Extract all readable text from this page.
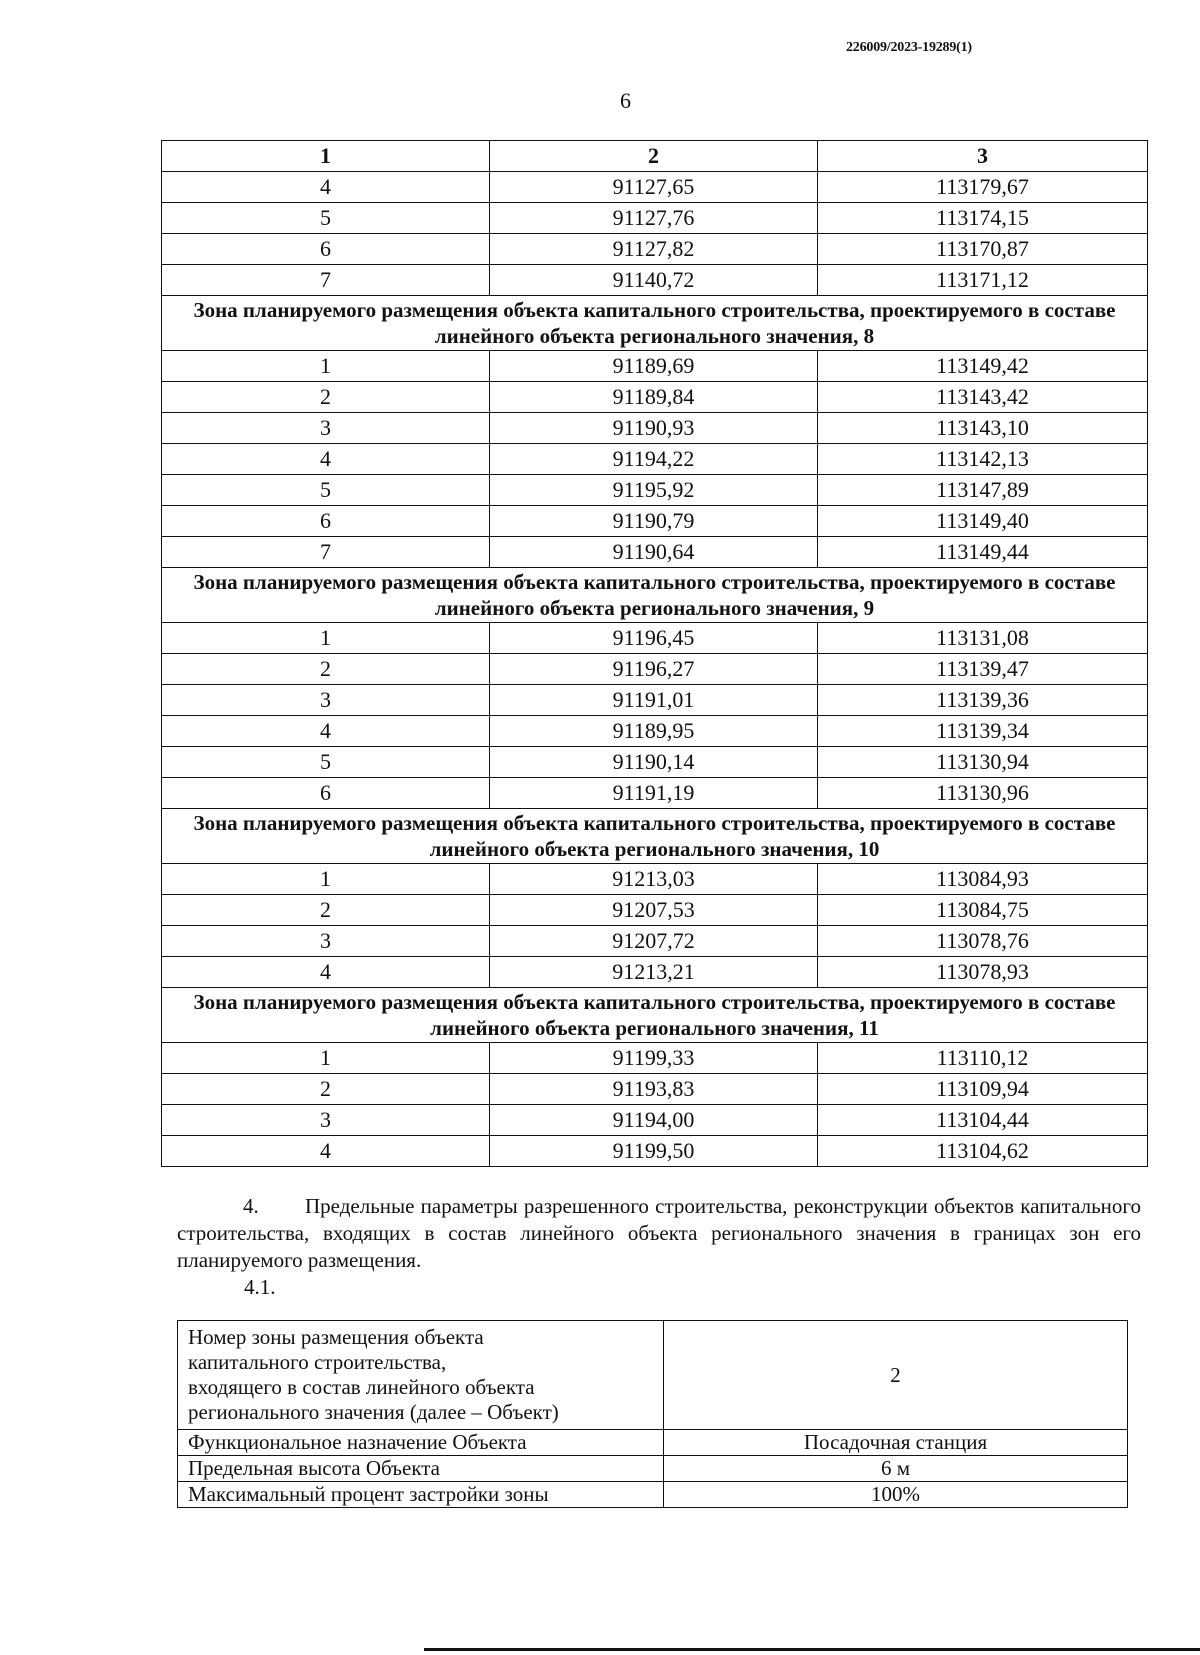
226009/2023-19289(1)
6
1	2	3
4	91127,65	113179,67
5	91127,76	113174,15
6	91127,82	113170,87
7	91140,72	113171,12
Зона планируемого размещения объекта капитального строительства, проектируемого в составе линейного объекта регионального значения, 8		
1	91189,69	113149,42
2	91189,84	113143,42
3	91190,93	113143,10
4	91194,22	113142,13
5	91195,92	113147,89
6	91190,79	113149,40
7	91190,64	113149,44
Зона планируемого размещения объекта капитального строительства, проектируемого в составе линейного объекта регионального значения, 9		
1	91196,45	113131,08
2	91196,27	113139,47
3	91191,01	113139,36
4	91189,95	113139,34
5	91190,14	113130,94
6	91191,19	113130,96
Зона планируемого размещения объекта капитального строительства, проектируемого в составе линейного объекта регионального значения, 10		
1	91213,03	113084,93
2	91207,53	113084,75
3	91207,72	113078,76
4	91213,21	113078,93
Зона планируемого размещения объекта капитального строительства, проектируемого в составе линейного объекта регионального значения, 11		
1	91199,33	113110,12
2	91193,83	113109,94
3	91194,00	113104,44
4	91199,50	113104,62
4. Предельные параметры разрешенного строительства, реконструкции объектов капитального строительства, входящих в состав линейного объекта регионального значения в границах зон его планируемого размещения.
4.1.
Номер зоны размещения объекта
капитального строительства,
входящего в состав линейного объекта
регионального значения (далее – Объект)	2
Функциональное назначение Объекта	Посадочная станция
Предельная высота Объекта	6 м
Максимальный процент застройки зоны	100%
